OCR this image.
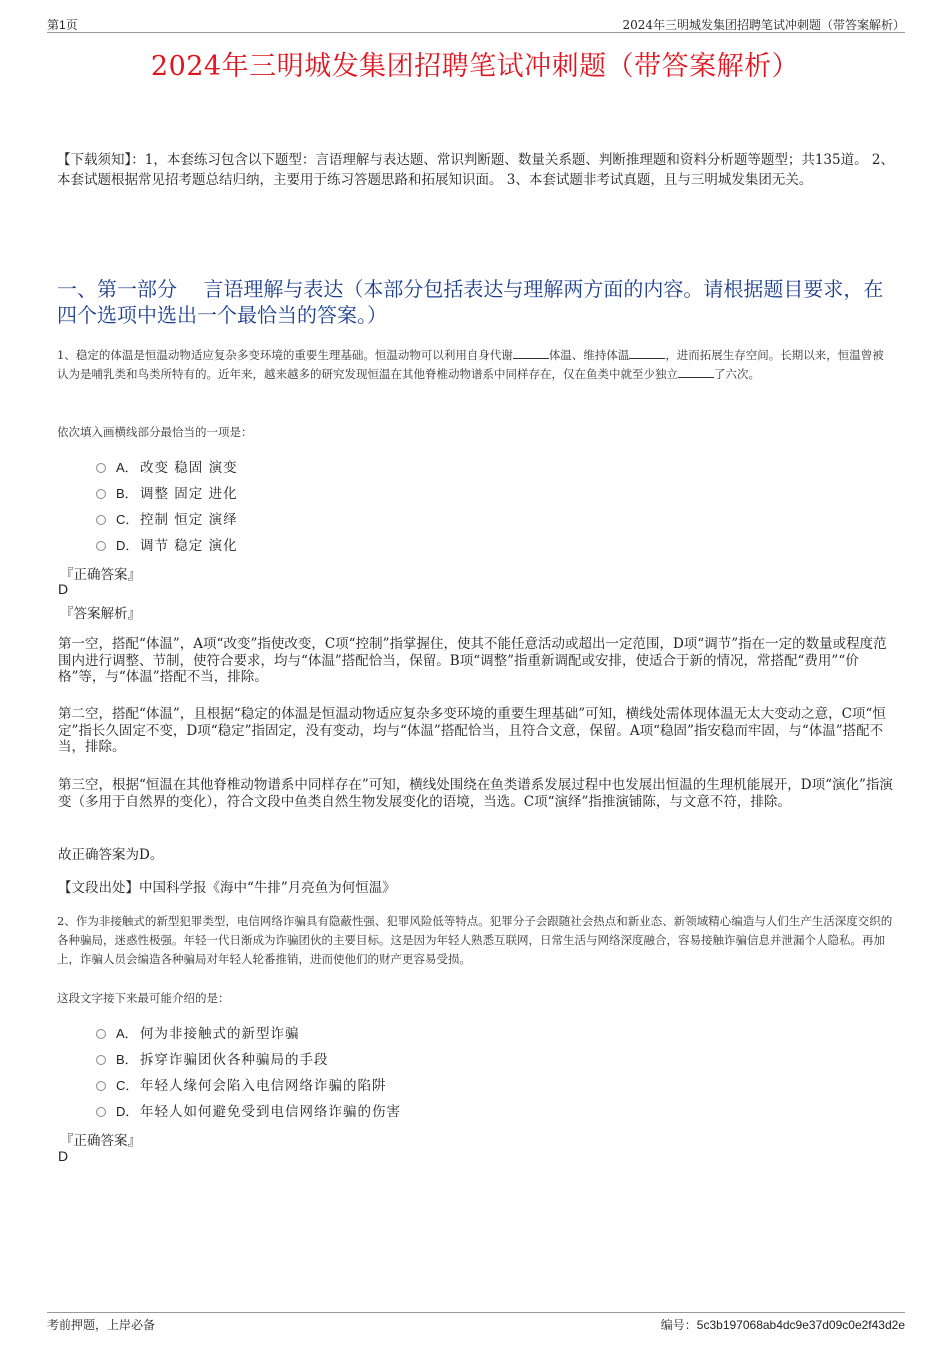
第1页	2024年三明城发集团招聘笔试冲刺题（带答案解析）
2024年三明城发集团招聘笔试冲刺题（带答案解析）
【下载须知】：1，本套练习包含以下题型：言语理解与表达题、常识判断题、数量关系题、判断推理题和资料分析题等题型；共135道。 2、本套试题根据常见招考题总结归纳，主要用于练习答题思路和拓展知识面。 3、本套试题非考试真题，且与三明城发集团无关。
一、第一部分　 言语理解与表达（本部分包括表达与理解两方面的内容。请根据题目要求，在四个选项中选出一个最恰当的答案。）
1、稳定的体温是恒温动物适应复杂多变环境的重要生理基础。恒温动物可以利用自身代谢	体温、维持体温	，进而拓展生存空间。长期以来，恒温曾被认为是哺乳类和鸟类所特有的。近年来，越来越多的研究发现恒温在其他脊椎动物谱系中同样存在，仅在鱼类中就至少独立	了六次。
依次填入画横线部分最恰当的一项是：
A． 改变 稳固 演变
B． 调整 固定 进化
C． 控制 恒定 演绎
D． 调节 稳定 演化
『正确答案』
D
『答案解析』
第一空，搭配“体温”，A项“改变”指使改变，C项“控制”指掌握住，使其不能任意活动或超出一定范围，D项“调节”指在一定的数量或程度范围内进行调整、节制，使符合要求，均与“体温”搭配恰当，保留。B项“调整”指重新调配或安排，使适合于新的情况，常搭配“费用”“价格”等，与“体温”搭配不当，排除。
第二空，搭配“体温”，且根据“稳定的体温是恒温动物适应复杂多变环境的重要生理基础”可知，横线处需体现体温无太大变动之意，C项“恒定”指长久固定不变，D项“稳定”指固定，没有变动，均与“体温”搭配恰当，且符合文意，保留。A项“稳固”指安稳而牢固，与“体温”搭配不当，排除。
第三空，根据“恒温在其他脊椎动物谱系中同样存在”可知，横线处围绕在鱼类谱系发展过程中也发展出恒温的生理机能展开，D项“演化”指演变（多用于自然界的变化），符合文段中鱼类自然生物发展变化的语境，当选。C项“演绎”指推演铺陈，与文意不符，排除。
故正确答案为D。
【文段出处】中国科学报《海中“牛排”月亮鱼为何恒温》
2、作为非接触式的新型犯罪类型，电信网络诈骗具有隐蔽性强、犯罪风险低等特点。犯罪分子会跟随社会热点和新业态、新领域精心编造与人们生产生活深度交织的各种骗局，迷惑性极强。年轻一代日渐成为诈骗团伙的主要目标。这是因为年轻人熟悉互联网，日常生活与网络深度融合，容易接触诈骗信息并泄漏个人隐私。再加上，诈骗人员会编造各种骗局对年轻人轮番推销，进而使他们的财产更容易受损。
这段文字接下来最可能介绍的是：
A． 何为非接触式的新型诈骗
B． 拆穿诈骗团伙各种骗局的手段
C． 年轻人缘何会陷入电信网络诈骗的陷阱
D． 年轻人如何避免受到电信网络诈骗的伤害
『正确答案』
D
考前押题，上岸必备	编号：5c3b197068ab4dc9e37d09c0e2f43d2e
